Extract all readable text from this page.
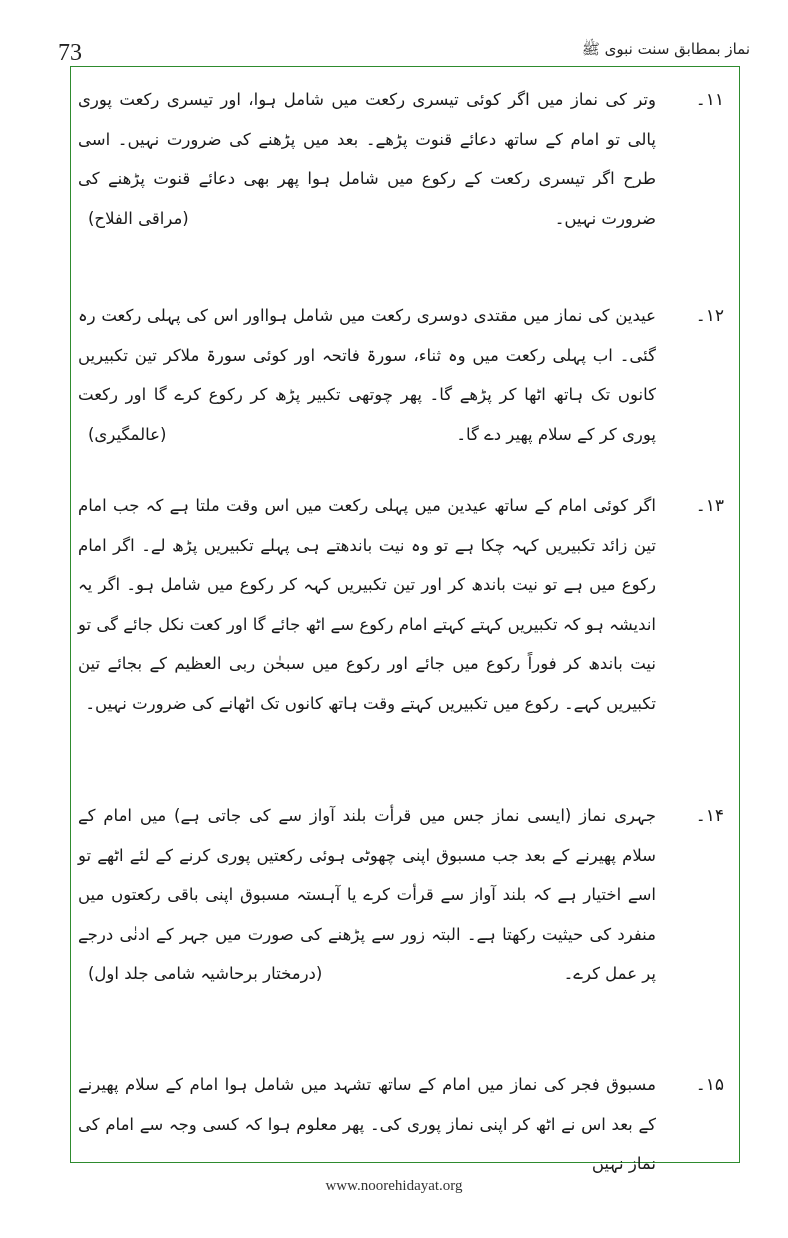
73	نماز بمطابق سنت نبوی ﷺ
۱۱۔
وتر کی نماز میں اگر کوئی تیسری رکعت میں شامل ہوا، اور تیسری رکعت پوری پالی تو امام کے ساتھ دعائے قنوت پڑھے۔ بعد میں پڑھنے کی ضرورت نہیں۔ اسی طرح اگر تیسری رکعت کے رکوع میں شامل ہوا پھر بھی دعائے قنوت پڑھنے کی ضرورت نہیں۔
(مراقی الفلاح)
۱۲۔
عیدین کی نماز میں مقتدی دوسری رکعت میں شامل ہوااور اس کی پہلی رکعت رہ گئی۔ اب پہلی رکعت میں وہ ثناء، سورۃ فاتحہ اور کوئی سورۃ ملاکر تین تکبیریں کانوں تک ہاتھ اٹھا کر پڑھے گا۔ پھر چوتھی تکبیر پڑھ کر رکوع کرے گا اور رکعت پوری کر کے سلام پھیر دے گا۔
(عالمگیری)
۱۳۔
اگر کوئی امام کے ساتھ عیدین میں پہلی رکعت میں اس وقت ملتا ہے کہ جب امام تین زائد تکبیریں کہہ چکا ہے تو وہ نیت باندھتے ہی پہلے تکبیریں پڑھ لے۔ اگر امام رکوع میں ہے تو نیت باندھ کر اور تین تکبیریں کہہ کر رکوع میں شامل ہو۔ اگر یہ اندیشہ ہو کہ تکبیریں کہتے کہتے امام رکوع سے اٹھ جائے گا اور کعت نکل جائے گی تو نیت باندھ کر فوراً رکوع میں جائے اور رکوع میں سبحٰن ربی العظیم کے بجائے تین تکبیریں کہے۔ رکوع میں تکبیریں کہتے وقت ہاتھ کانوں تک اٹھانے کی ضرورت نہیں۔
۱۴۔
جہری نماز (ایسی نماز جس میں قرأت بلند آواز سے کی جاتی ہے) میں امام کے سلام پھیرنے کے بعد جب مسبوق اپنی چھوٹی ہوئی رکعتیں پوری کرنے کے لئے اٹھے تو اسے اختیار ہے کہ بلند آواز سے قرأت کرے یا آہستہ مسبوق اپنی باقی رکعتوں میں منفرد کی حیثیت رکھتا ہے۔ البتہ زور سے پڑھنے کی صورت میں جہر کے ادنٰی درجے پر عمل کرے۔
(درمختار برحاشیہ شامی جلد اول)
۱۵۔
مسبوق فجر کی نماز میں امام کے ساتھ تشہد میں شامل ہوا امام کے سلام پھیرنے کے بعد اس نے اٹھ کر اپنی نماز پوری کی۔ پھر معلوم ہوا کہ کسی وجہ سے امام کی نماز نہیں
www.noorehidayat.org
